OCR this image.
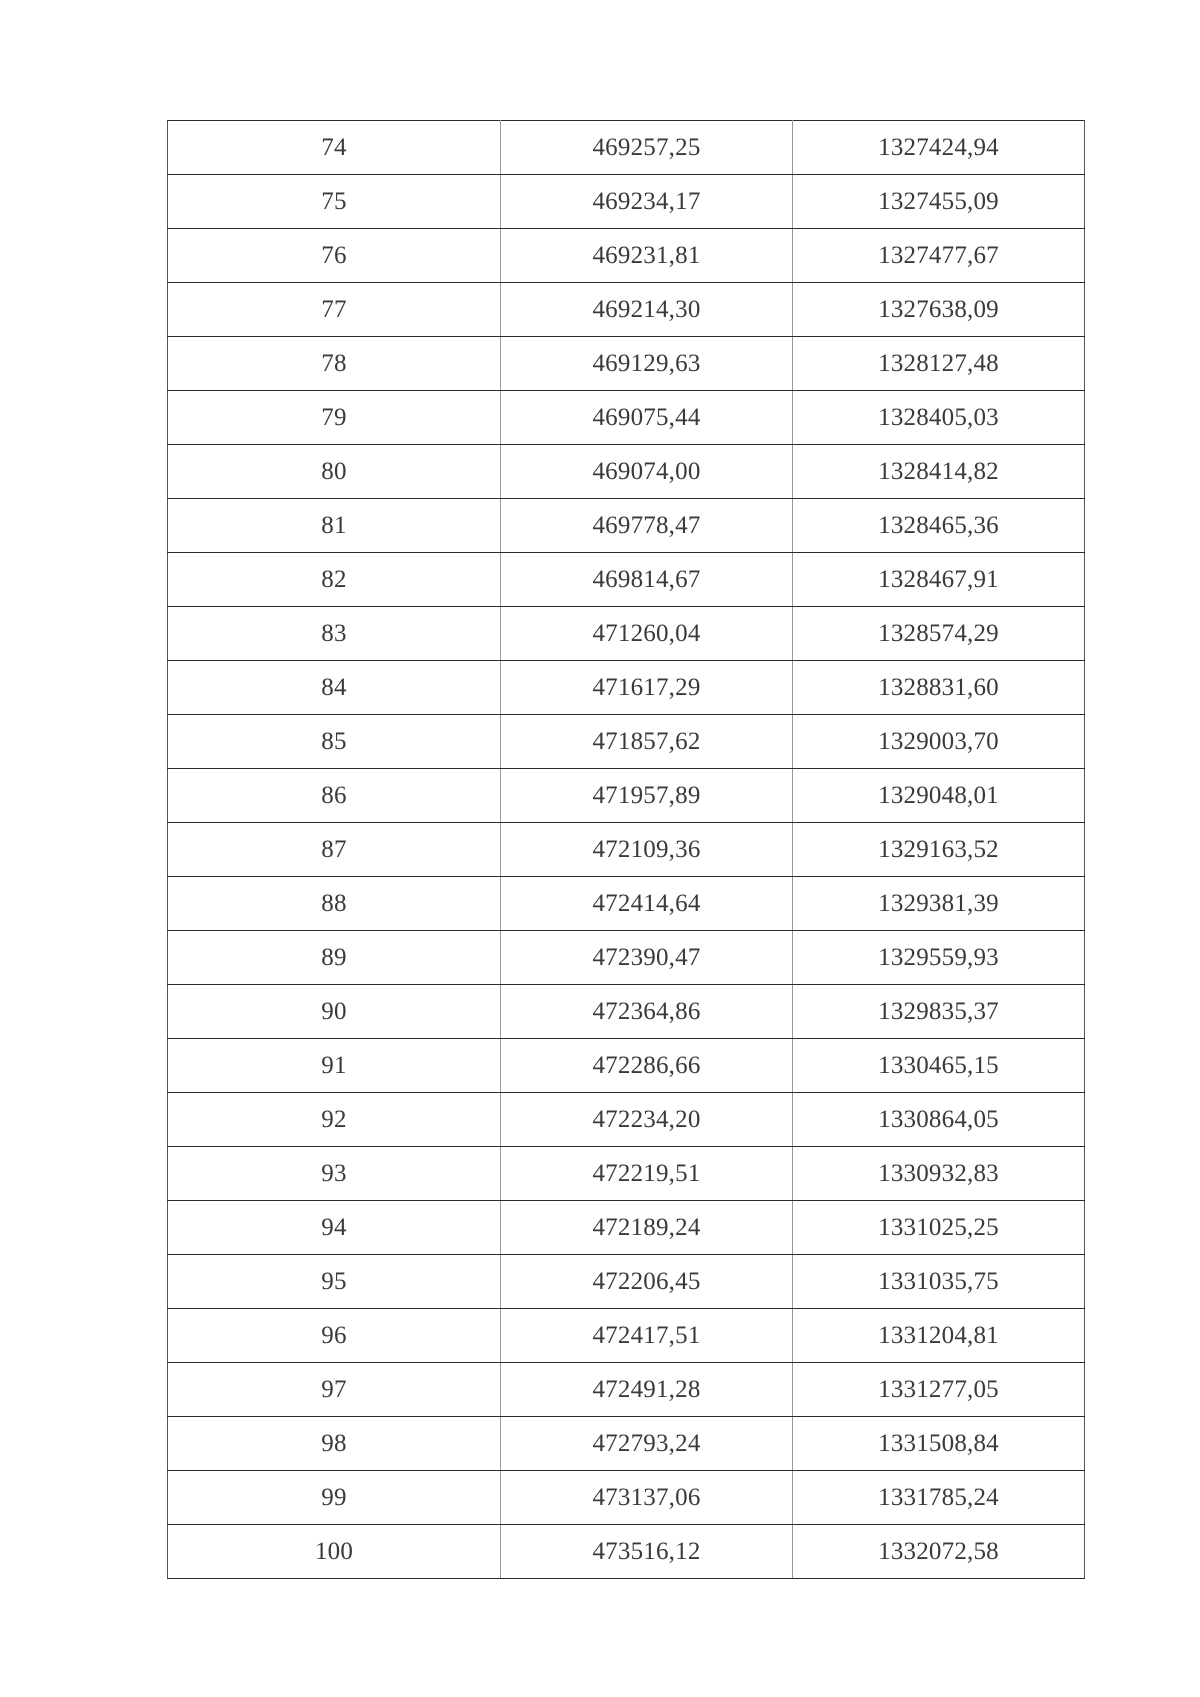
74	469257,25	1327424,94
75	469234,17	1327455,09
76	469231,81	1327477,67
77	469214,30	1327638,09
78	469129,63	1328127,48
79	469075,44	1328405,03
80	469074,00	1328414,82
81	469778,47	1328465,36
82	469814,67	1328467,91
83	471260,04	1328574,29
84	471617,29	1328831,60
85	471857,62	1329003,70
86	471957,89	1329048,01
87	472109,36	1329163,52
88	472414,64	1329381,39
89	472390,47	1329559,93
90	472364,86	1329835,37
91	472286,66	1330465,15
92	472234,20	1330864,05
93	472219,51	1330932,83
94	472189,24	1331025,25
95	472206,45	1331035,75
96	472417,51	1331204,81
97	472491,28	1331277,05
98	472793,24	1331508,84
99	473137,06	1331785,24
100	473516,12	1332072,58
